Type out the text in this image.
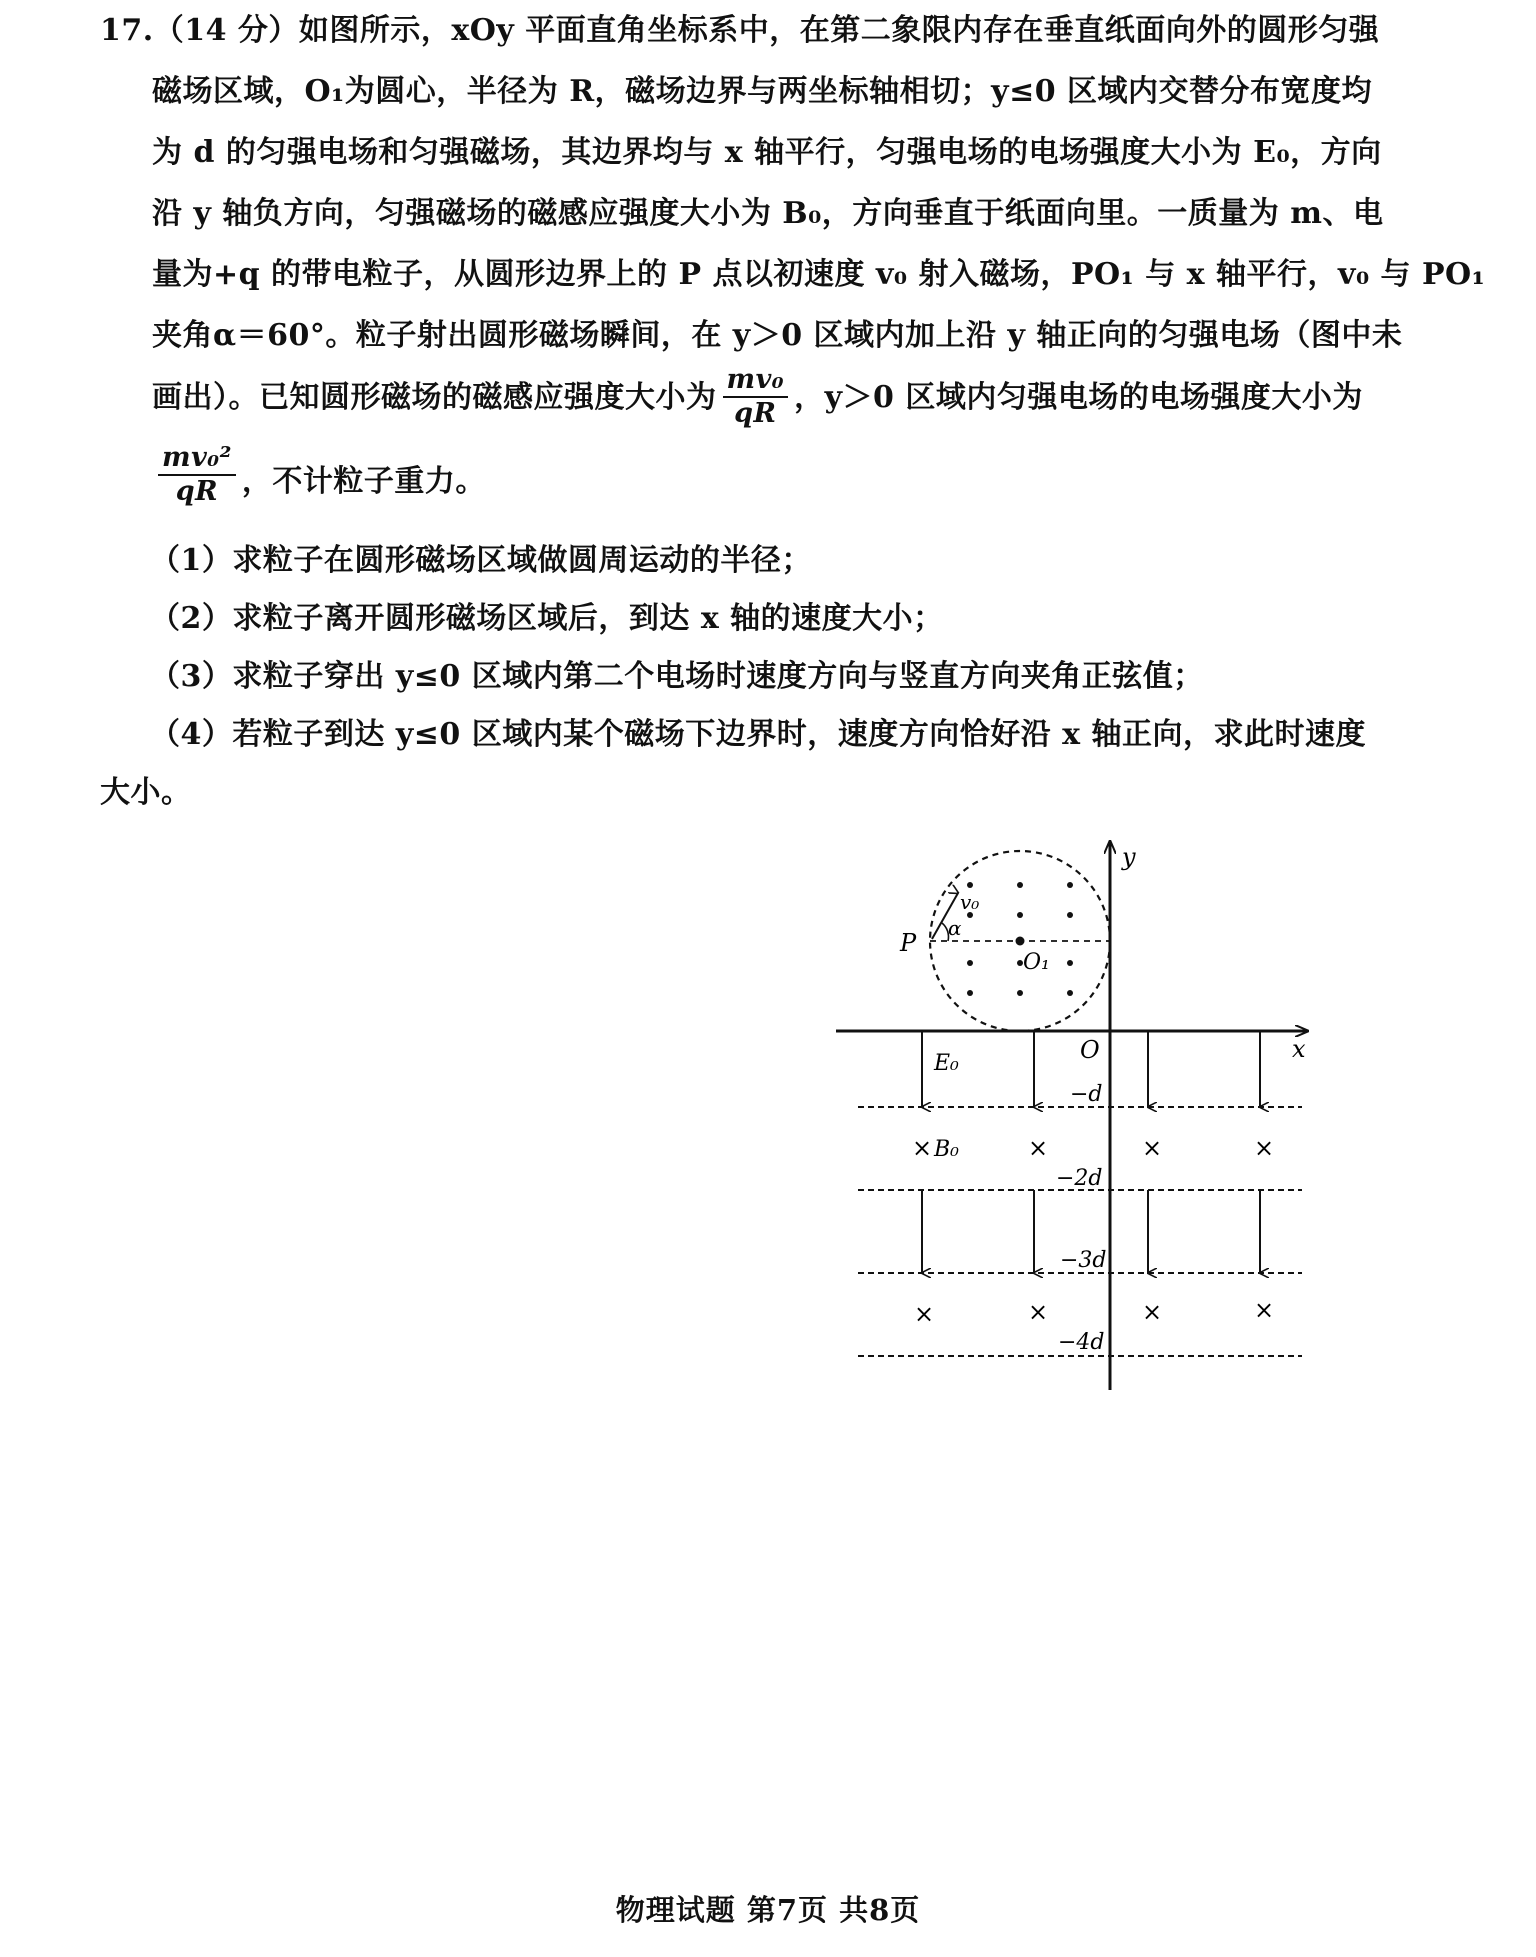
17.（14 分）如图所示，xOy 平面直角坐标系中，在第二象限内存在垂直纸面向外的圆形匀强

磁场区域，O₁为圆心，半径为 R，磁场边界与两坐标轴相切；y≤0 区域内交替分布宽度均

为 d 的匀强电场和匀强磁场，其边界均与 x 轴平行，匀强电场的电场强度大小为 E₀，方向

沿 y 轴负方向，匀强磁场的磁感应强度大小为 B₀，方向垂直于纸面向里。一质量为 m、电

量为+q 的带电粒子，从圆形边界上的 P 点以初速度 v₀ 射入磁场，PO₁ 与 x 轴平行，v₀ 与 PO₁

夹角α＝60°。粒子射出圆形磁场瞬间，在 y＞0 区域内加上沿 y 轴正向的匀强电场（图中未

画出）。已知圆形磁场的磁感应强度大小为 $\frac{\text{mv₀}}{qR}$ ，y＞0 区域内匀强电场的电场强度大小为

$\frac{\text{mv₀²}}{qR}$ ，不计粒子重力。

（1）求粒子在圆形磁场区域做圆周运动的半径；

（2）求粒子离开圆形磁场区域后，到达 x 轴的速度大小；

（3）求粒子穿出 y≤0 区域内第二个电场时速度方向与竖直方向夹角正弦值；

（4）若粒子到达 y≤0 区域内某个磁场下边界时，速度方向恰好沿 x 轴正向，求此时速度

大小。

y
x
O
O₁
P
v₀
α
E₀
×	×	×	×
B₀
×	×	×	×
−d
−2d
−3d
−4d
物理试题 第7页 共8页
